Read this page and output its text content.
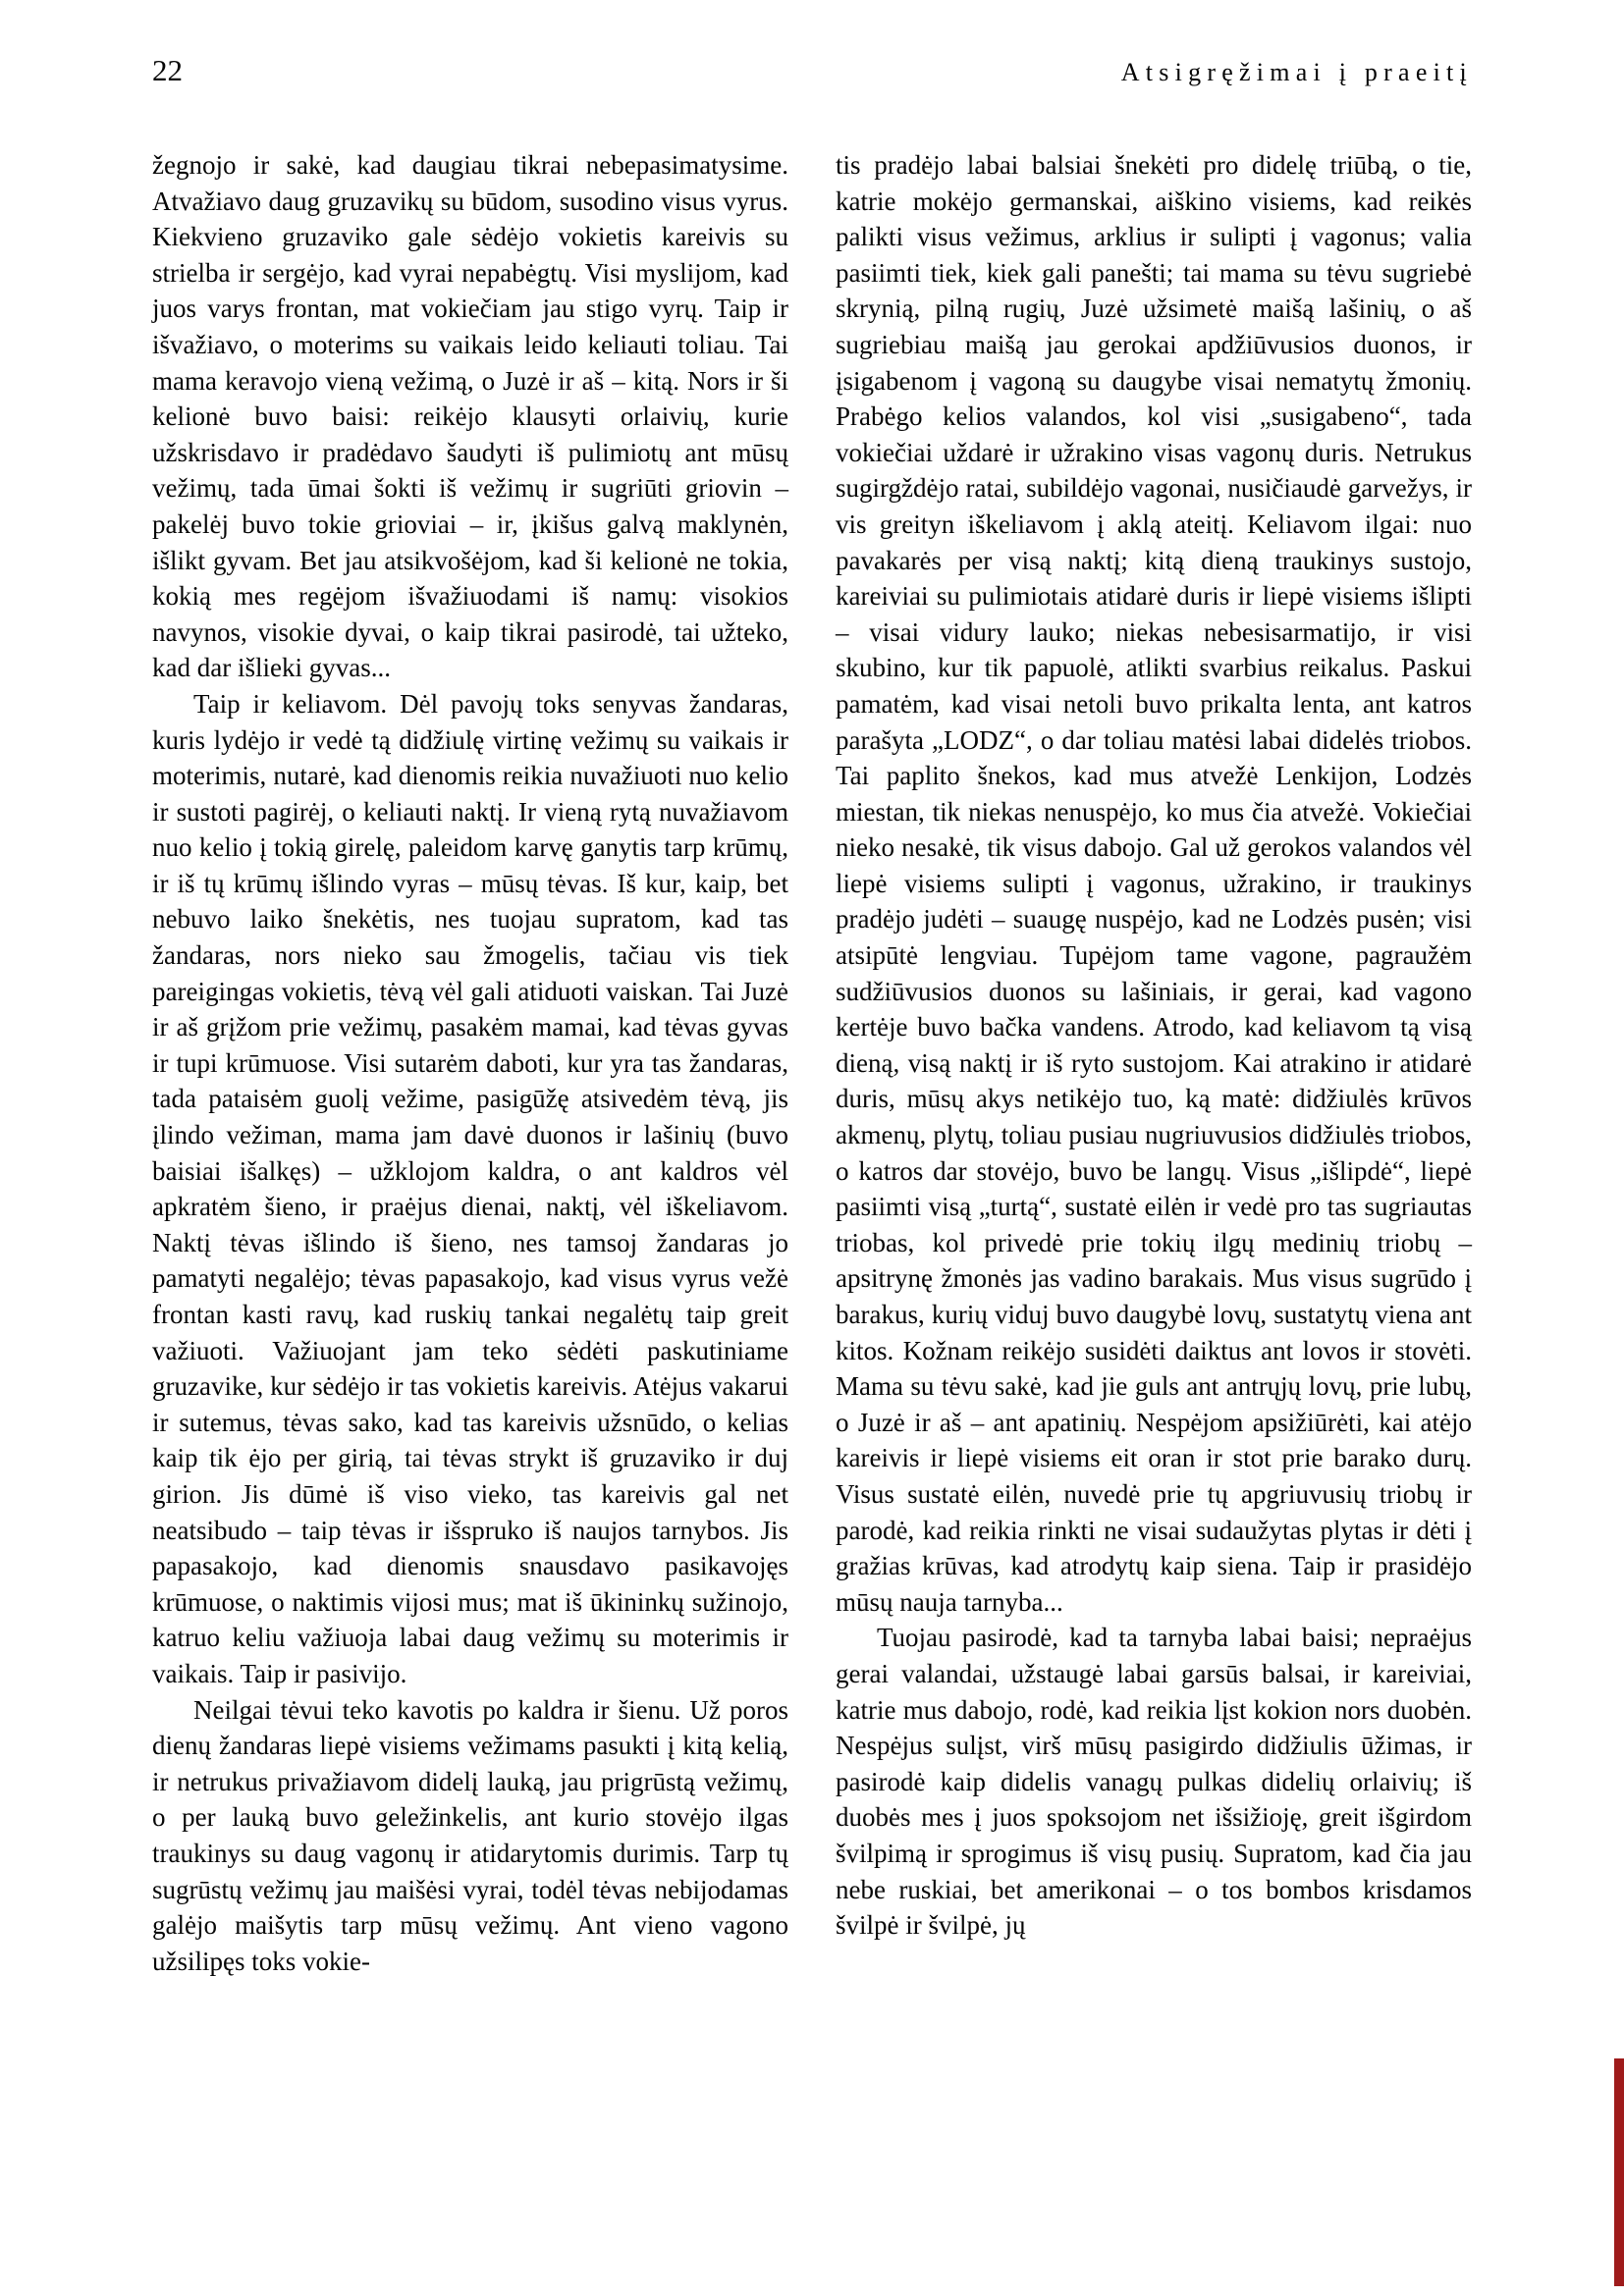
22	Atsigręžimai į praeitį

žegnojo ir sakė, kad daugiau tikrai nebepasimatysime. Atvažiavo daug gruzavikų su būdom, susodino visus vyrus. Kiekvieno gruzaviko gale sėdėjo vokietis kareivis su strielba ir sergėjo, kad vyrai nepabėgtų. Visi myslijom, kad juos varys frontan, mat vokiečiam jau stigo vyrų. Taip ir išvažiavo, o moterims su vaikais leido keliauti toliau. Tai mama keravojo vieną vežimą, o Juzė ir aš – kitą. Nors ir ši kelionė buvo baisi: reikėjo klausyti orlaivių, kurie užskrisdavo ir pradėdavo šaudyti iš pulimiotų ant mūsų vežimų, tada ūmai šokti iš vežimų ir sugriūti griovin – pakelėj buvo tokie grioviai – ir, įkišus galvą maklynėn, išlikt gyvam. Bet jau atsikvošėjom, kad ši kelionė ne tokia, kokią mes regėjom išvažiuodami iš namų: visokios navynos, visokie dyvai, o kaip tikrai pasirodė, tai užteko, kad dar išlieki gyvas...

Taip ir keliavom. Dėl pavojų toks senyvas žandaras, kuris lydėjo ir vedė tą didžiulę virtinę vežimų su vaikais ir moterimis, nutarė, kad dienomis reikia nuvažiuoti nuo kelio ir sustoti pagirėj, o keliauti naktį. Ir vieną rytą nuvažiavom nuo kelio į tokią girelę, paleidom karvę ganytis tarp krūmų, ir iš tų krūmų išlindo vyras – mūsų tėvas. Iš kur, kaip, bet nebuvo laiko šnekėtis, nes tuojau supratom, kad tas žandaras, nors nieko sau žmogelis, tačiau vis tiek pareigingas vokietis, tėvą vėl gali atiduoti vaiskan. Tai Juzė ir aš grįžom prie vežimų, pasakėm mamai, kad tėvas gyvas ir tupi krūmuose. Visi sutarėm daboti, kur yra tas žandaras, tada pataisėm guolį vežime, pasigūžę atsivedėm tėvą, jis įlindo vežiman, mama jam davė duonos ir lašinių (buvo baisiai išalkęs) – užklojom kaldra, o ant kaldros vėl apkratėm šieno, ir praėjus dienai, naktį, vėl iškeliavom. Naktį tėvas išlindo iš šieno, nes tamsoj žandaras jo pamatyti negalėjo; tėvas papasakojo, kad visus vyrus vežė frontan kasti ravų, kad ruskių tankai negalėtų taip greit važiuoti. Važiuojant jam teko sėdėti paskutiniame gruzavike, kur sėdėjo ir tas vokietis kareivis. Atėjus vakarui ir sutemus, tėvas sako, kad tas kareivis užsnūdo, o kelias kaip tik ėjo per girią, tai tėvas strykt iš gruzaviko ir duj girion. Jis dūmė iš viso vieko, tas kareivis gal net neatsibudo – taip tėvas ir išspruko iš naujos tarnybos. Jis papasakojo, kad dienomis snausdavo pasikavojęs krūmuose, o naktimis vijosi mus; mat iš ūkininkų sužinojo, katruo keliu važiuoja labai daug vežimų su moterimis ir vaikais. Taip ir pasivijo.

Neilgai tėvui teko kavotis po kaldra ir šienu. Už poros dienų žandaras liepė visiems vežimams pasukti į kitą kelią, ir netrukus privažiavom didelį lauką, jau prigrūstą vežimų, o per lauką buvo geležinkelis, ant kurio stovėjo ilgas traukinys su daug vagonų ir atidarytomis durimis. Tarp tų sugrūstų vežimų jau maišėsi vyrai, todėl tėvas nebijodamas galėjo maišytis tarp mūsų vežimų. Ant vieno vagono užsilipęs toks vokie-

tis pradėjo labai balsiai šnekėti pro didelę triūbą, o tie, katrie mokėjo germanskai, aiškino visiems, kad reikės palikti visus vežimus, arklius ir sulipti į vagonus; valia pasiimti tiek, kiek gali panešti; tai mama su tėvu sugriebė skrynią, pilną rugių, Juzė užsimetė maišą lašinių, o aš sugriebiau maišą jau gerokai apdžiūvusios duonos, ir įsigabenom į vagoną su daugybe visai nematytų žmonių. Prabėgo kelios valandos, kol visi „susigabeno“, tada vokiečiai uždarė ir užrakino visas vagonų duris. Netrukus sugirgždėjo ratai, subildėjo vagonai, nusičiaudė garvežys, ir vis greityn iškeliavom į aklą ateitį. Keliavom ilgai: nuo pavakarės per visą naktį; kitą dieną traukinys sustojo, kareiviai su pulimiotais atidarė duris ir liepė visiems išlipti – visai vidury lauko; niekas nebesisarmatijo, ir visi skubino, kur tik papuolė, atlikti svarbius reikalus. Paskui pamatėm, kad visai netoli buvo prikalta lenta, ant katros parašyta „LODZ“, o dar toliau matėsi labai didelės triobos. Tai paplito šnekos, kad mus atvežė Lenkijon, Lodzės miestan, tik niekas nenuspėjo, ko mus čia atvežė. Vokiečiai nieko nesakė, tik visus dabojo. Gal už gerokos valandos vėl liepė visiems sulipti į vagonus, užrakino, ir traukinys pradėjo judėti – suaugę nuspėjo, kad ne Lodzės pusėn; visi atsipūtė lengviau. Tupėjom tame vagone, pagraužėm sudžiūvusios duonos su lašiniais, ir gerai, kad vagono kertėje buvo bačka vandens. Atrodo, kad keliavom tą visą dieną, visą naktį ir iš ryto sustojom. Kai atrakino ir atidarė duris, mūsų akys netikėjo tuo, ką matė: didžiulės krūvos akmenų, plytų, toliau pusiau nugriuvusios didžiulės triobos, o katros dar stovėjo, buvo be langų. Visus „išlipdė“, liepė pasiimti visą „turtą“, sustatė eilėn ir vedė pro tas sugriautas triobas, kol privedė prie tokių ilgų medinių triobų – apsitrynę žmonės jas vadino barakais. Mus visus sugrūdo į barakus, kurių viduj buvo daugybė lovų, sustatytų viena ant kitos. Kožnam reikėjo susidėti daiktus ant lovos ir stovėti. Mama su tėvu sakė, kad jie guls ant antrųjų lovų, prie lubų, o Juzė ir aš – ant apatinių. Nespėjom apsižiūrėti, kai atėjo kareivis ir liepė visiems eit oran ir stot prie barako durų. Visus sustatė eilėn, nuvedė prie tų apgriuvusių triobų ir parodė, kad reikia rinkti ne visai sudaužytas plytas ir dėti į gražias krūvas, kad atrodytų kaip siena. Taip ir prasidėjo mūsų nauja tarnyba...

Tuojau pasirodė, kad ta tarnyba labai baisi; nepraėjus gerai valandai, užstaugė labai garsūs balsai, ir kareiviai, katrie mus dabojo, rodė, kad reikia lįst kokion nors duobėn. Nespėjus sulįst, virš mūsų pasigirdo didžiulis ūžimas, ir pasirodė kaip didelis vanagų pulkas didelių orlaivių; iš duobės mes į juos spoksojom net išsižioję, greit išgirdom švilpimą ir sprogimus iš visų pusių. Supratom, kad čia jau nebe ruskiai, bet amerikonai – o tos bombos krisdamos švilpė ir švilpė, jų
